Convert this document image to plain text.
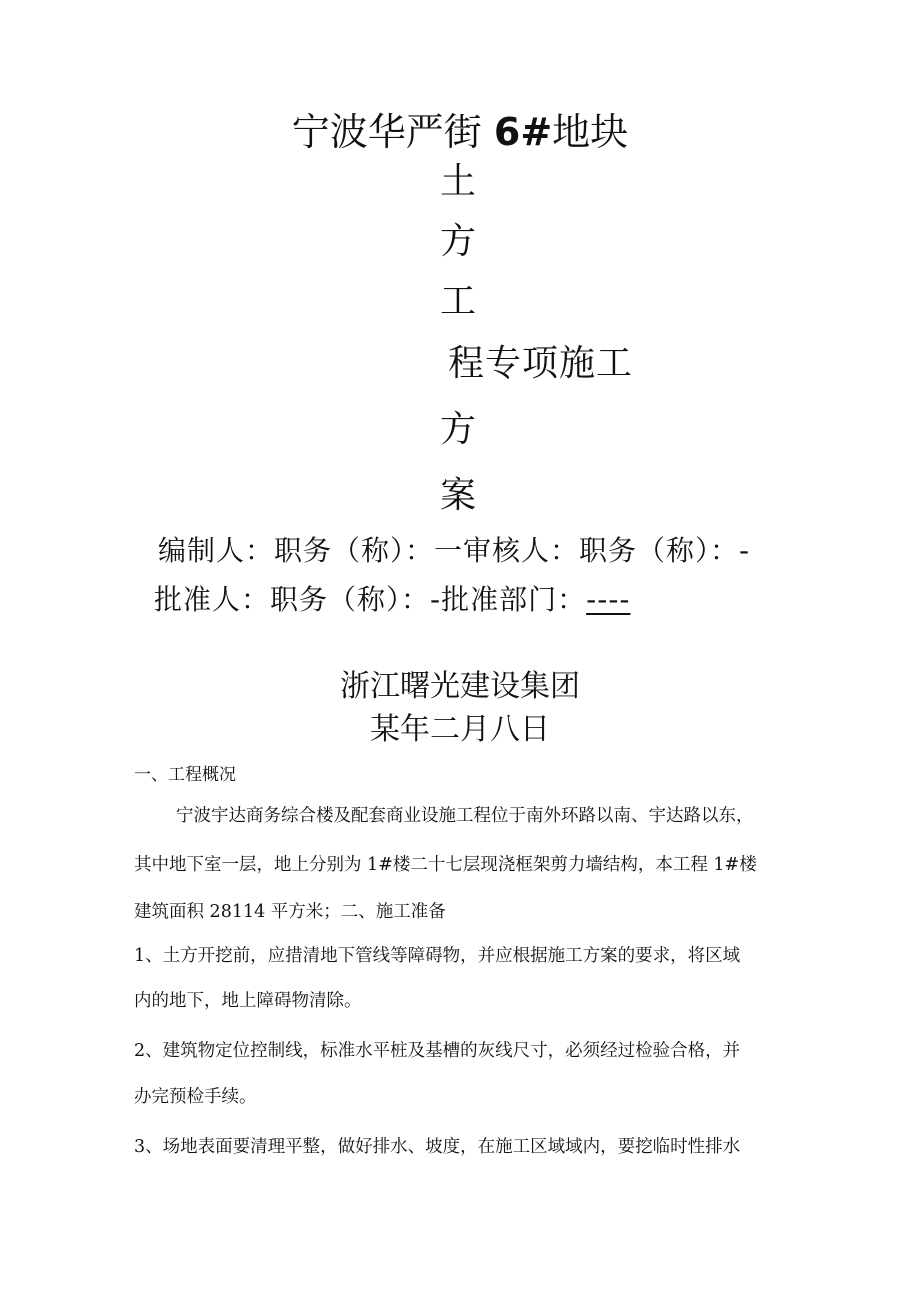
宁波华严街 6#地块
土
方
工
程专项施工
方
案
编制人：职务（称）：一审核人：职务（称）：-
批准人：职务（称）：-批准部门：----
浙江曙光建设集团
某年二月八日
一、工程概况
宁波宇达商务综合楼及配套商业设施工程位于南外环路以南、宇达路以东，
其中地下室一层，地上分别为 1#楼二十七层现浇框架剪力墙结构，本工程 1#楼
建筑面积 28114 平方米；二、施工准备
1、土方开挖前，应措清地下管线等障碍物，并应根据施工方案的要求，将区域
内的地下，地上障碍物清除。
2、建筑物定位控制线，标准水平桩及基槽的灰线尺寸，必须经过检验合格，并
办完预检手续。
3、场地表面要清理平整，做好排水、坡度，在施工区域域内，要挖临时性排水
